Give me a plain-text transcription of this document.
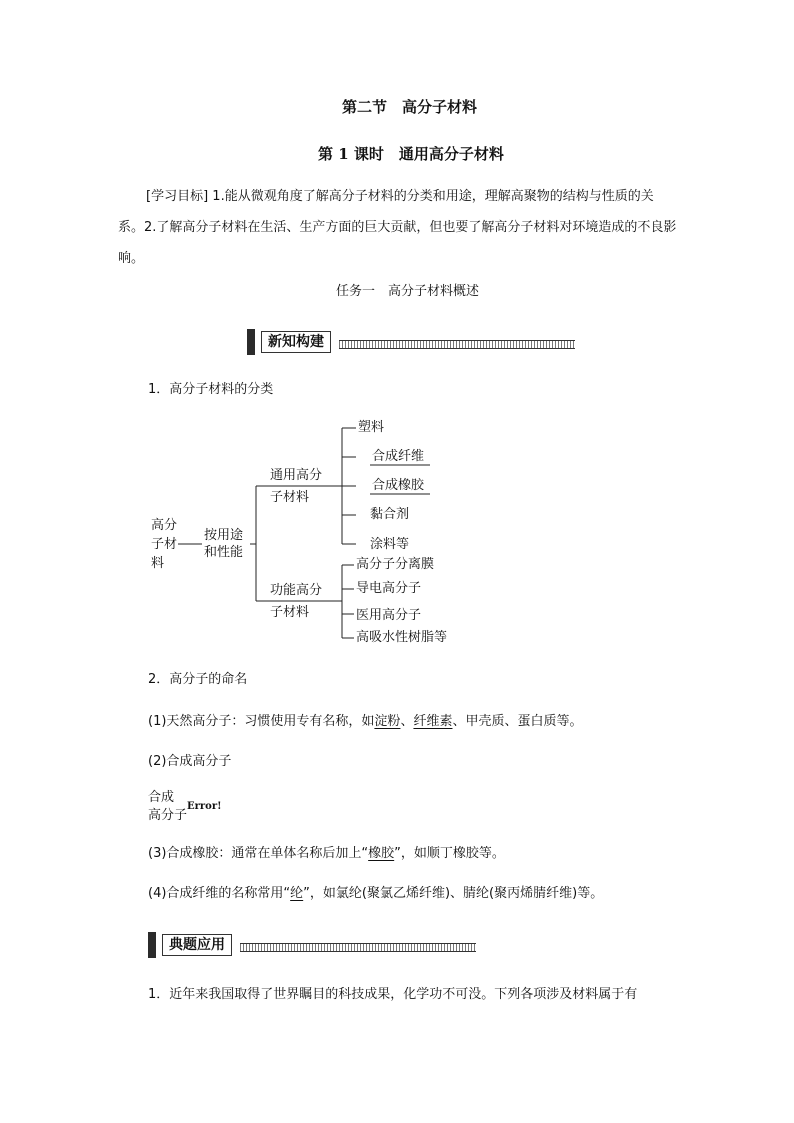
第二节　高分子材料
第 1 课时　通用高分子材料
[学习目标] 1.能从微观角度了解高分子材料的分类和用途，理解高聚物的结构与性质的关系。2.了解高分子材料在生活、生产方面的巨大贡献，但也要了解高分子材料对环境造成的不良影响。
任务一　高分子材料概述
新知构建
1．高分子材料的分类
高分
子材
料
按用途
和性能
通用高分
子材料
功能高分
子材料
塑料
合成纤维
合成橡胶
黏合剂
涂料等
高分子分离膜
导电高分子
医用高分子
高吸水性树脂等
2．高分子的命名
(1)天然高分子：习惯使用专有名称，如淀粉、纤维素、甲壳质、蛋白质等。
(2)合成高分子
合成
高分子
Error!
(3)合成橡胶：通常在单体名称后加上“橡胶”，如顺丁橡胶等。
(4)合成纤维的名称常用“纶”，如氯纶(聚氯乙烯纤维)、腈纶(聚丙烯腈纤维)等。
典题应用
1．近年来我国取得了世界瞩目的科技成果，化学功不可没。下列各项涉及材料属于有
